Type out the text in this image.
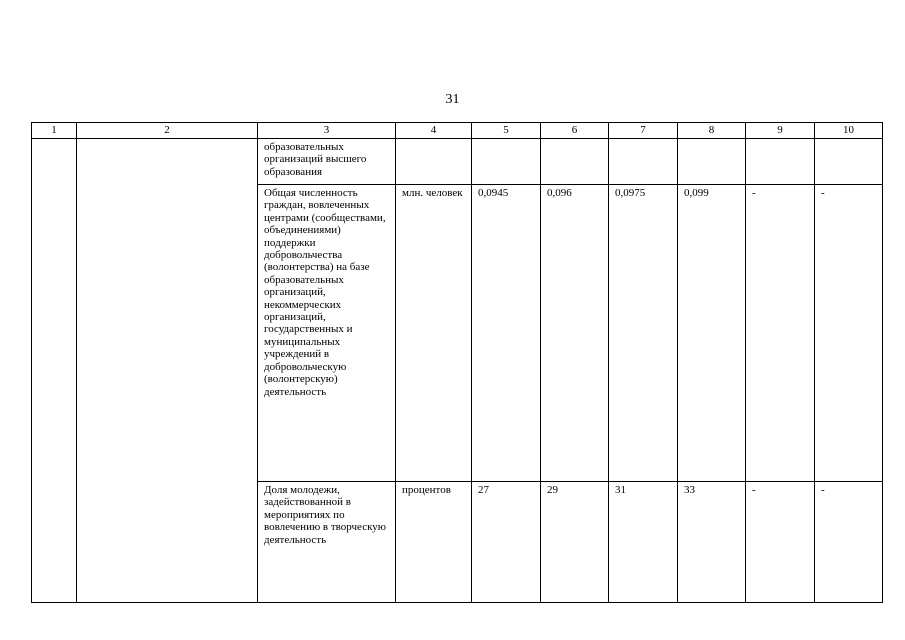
31
1	2	3	4	5	6	7	8	9	10
		образовательных организаций высшего образования							
		Общая численность граждан, вовлеченных центрами (сообществами, объединениями) поддержки добровольчества (волонтерства) на базе образовательных организаций, некоммерческих организаций, государственных и муниципальных учреждений в добровольческую (волонтерскую) деятельность	млн. человек	0,0945	0,096	0,0975	0,099	-	-
		Доля молодежи, задействованной в мероприятиях по вовлечению в творческую деятельность	процентов	27	29	31	33	-	-
